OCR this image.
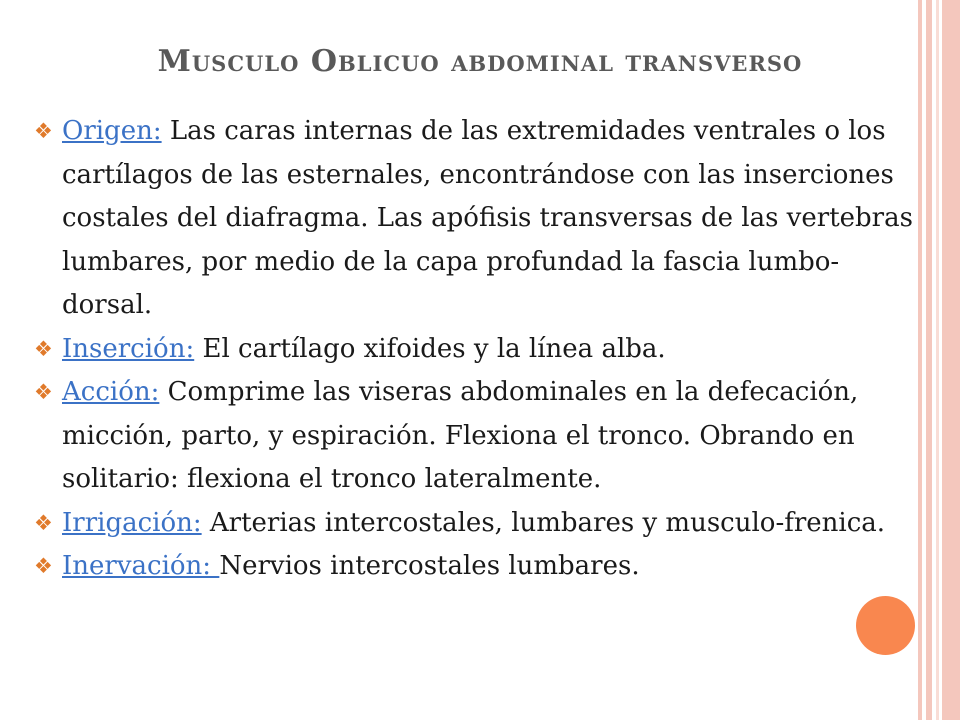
Musculo Oblicuo abdominal transverso
❖ Origen: Las caras internas de las extremidades ventrales o los cartílagos de las esternales, encontrándose con las inserciones costales del diafragma. Las apófisis transversas de las vertebras lumbares, por medio de la capa profundad la fascia lumbo-dorsal.
❖ Inserción: El cartílago xifoides y la línea alba.
❖ Acción: Comprime las viseras abdominales en la defecación, micción, parto, y espiración. Flexiona el tronco. Obrando en solitario: flexiona el tronco lateralmente.
❖ Irrigación: Arterias intercostales, lumbares y musculo-frenica.
❖ Inervación: Nervios intercostales lumbares.
